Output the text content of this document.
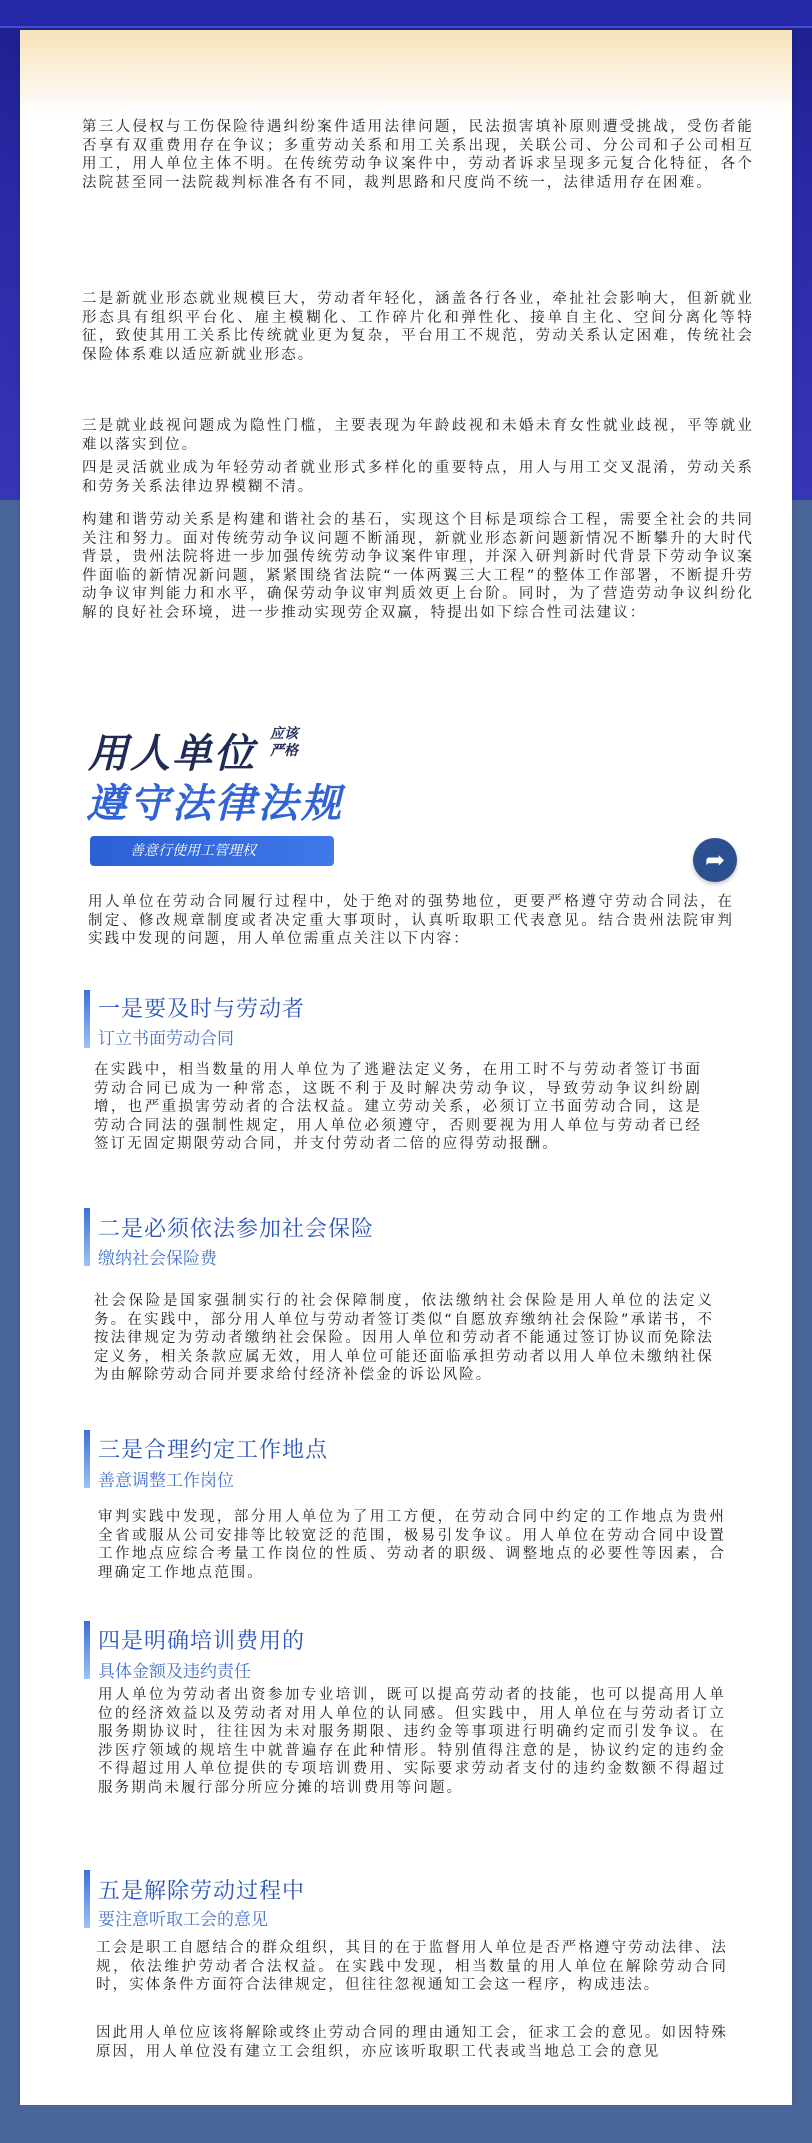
第三人侵权与工伤保险待遇纠纷案件适用法律问题，民法损害填补原则遭受挑战，受伤者能否享有双重费用存在争议；多重劳动关系和用工关系出现，关联公司、分公司和子公司相互用工，用人单位主体不明。在传统劳动争议案件中，劳动者诉求呈现多元复合化特征，各个法院甚至同一法院裁判标准各有不同，裁判思路和尺度尚不统一，法律适用存在困难。

二是新就业形态就业规模巨大，劳动者年轻化，涵盖各行各业，牵扯社会影响大，但新就业形态具有组织平台化、雇主模糊化、工作碎片化和弹性化、接单自主化、空间分离化等特征，致使其用工关系比传统就业更为复杂，平台用工不规范，劳动关系认定困难，传统社会保险体系难以适应新就业形态。

三是就业歧视问题成为隐性门槛，主要表现为年龄歧视和未婚未育女性就业歧视，平等就业难以落实到位。

四是灵活就业成为年轻劳动者就业形式多样化的重要特点，用人与用工交叉混淆，劳动关系和劳务关系法律边界模糊不清。

构建和谐劳动关系是构建和谐社会的基石，实现这个目标是项综合工程，需要全社会的共同关注和努力。面对传统劳动争议问题不断涌现，新就业形态新问题新情况不断攀升的大时代背景，贵州法院将进一步加强传统劳动争议案件审理，并深入研判新时代背景下劳动争议案件面临的新情况新问题，紧紧围绕省法院“一体两翼三大工程”的整体工作部署，不断提升劳动争议审判能力和水平，确保劳动争议审判质效更上台阶。同时，为了营造劳动争议纠纷化解的良好社会环境，进一步推动实现劳企双赢，特提出如下综合性司法建议：

用人单位 应该
严格
遵守法律法规
善意行使用工管理权	➦

用人单位在劳动合同履行过程中，处于绝对的强势地位，更要严格遵守劳动合同法，在制定、修改规章制度或者决定重大事项时，认真听取职工代表意见。结合贵州法院审判实践中发现的问题，用人单位需重点关注以下内容：

一是要及时与劳动者
订立书面劳动合同

在实践中，相当数量的用人单位为了逃避法定义务，在用工时不与劳动者签订书面劳动合同已成为一种常态，这既不利于及时解决劳动争议，导致劳动争议纠纷剧增，也严重损害劳动者的合法权益。建立劳动关系，必须订立书面劳动合同，这是劳动合同法的强制性规定，用人单位必须遵守，否则要视为用人单位与劳动者已经签订无固定期限劳动合同，并支付劳动者二倍的应得劳动报酬。

二是必须依法参加社会保险
缴纳社会保险费

社会保险是国家强制实行的社会保障制度，依法缴纳社会保险是用人单位的法定义务。在实践中，部分用人单位与劳动者签订类似“自愿放弃缴纳社会保险”承诺书，不按法律规定为劳动者缴纳社会保险。因用人单位和劳动者不能通过签订协议而免除法定义务，相关条款应属无效，用人单位可能还面临承担劳动者以用人单位未缴纳社保为由解除劳动合同并要求给付经济补偿金的诉讼风险。

三是合理约定工作地点
善意调整工作岗位

审判实践中发现，部分用人单位为了用工方便，在劳动合同中约定的工作地点为贵州全省或服从公司安排等比较宽泛的范围，极易引发争议。用人单位在劳动合同中设置工作地点应综合考量工作岗位的性质、劳动者的职级、调整地点的必要性等因素，合理确定工作地点范围。

四是明确培训费用的
具体金额及违约责任

用人单位为劳动者出资参加专业培训，既可以提高劳动者的技能，也可以提高用人单位的经济效益以及劳动者对用人单位的认同感。但实践中，用人单位在与劳动者订立服务期协议时，往往因为未对服务期限、违约金等事项进行明确约定而引发争议。在涉医疗领域的规培生中就普遍存在此种情形。特别值得注意的是，协议约定的违约金不得超过用人单位提供的专项培训费用、实际要求劳动者支付的违约金数额不得超过服务期尚未履行部分所应分摊的培训费用等问题。

五是解除劳动过程中
要注意听取工会的意见

工会是职工自愿结合的群众组织，其目的在于监督用人单位是否严格遵守劳动法律、法规，依法维护劳动者合法权益。在实践中发现，相当数量的用人单位在解除劳动合同时，实体条件方面符合法律规定，但往往忽视通知工会这一程序，构成违法。

因此用人单位应该将解除或终止劳动合同的理由通知工会，征求工会的意见。如因特殊原因，用人单位没有建立工会组织，亦应该听取职工代表或当地总工会的意见
